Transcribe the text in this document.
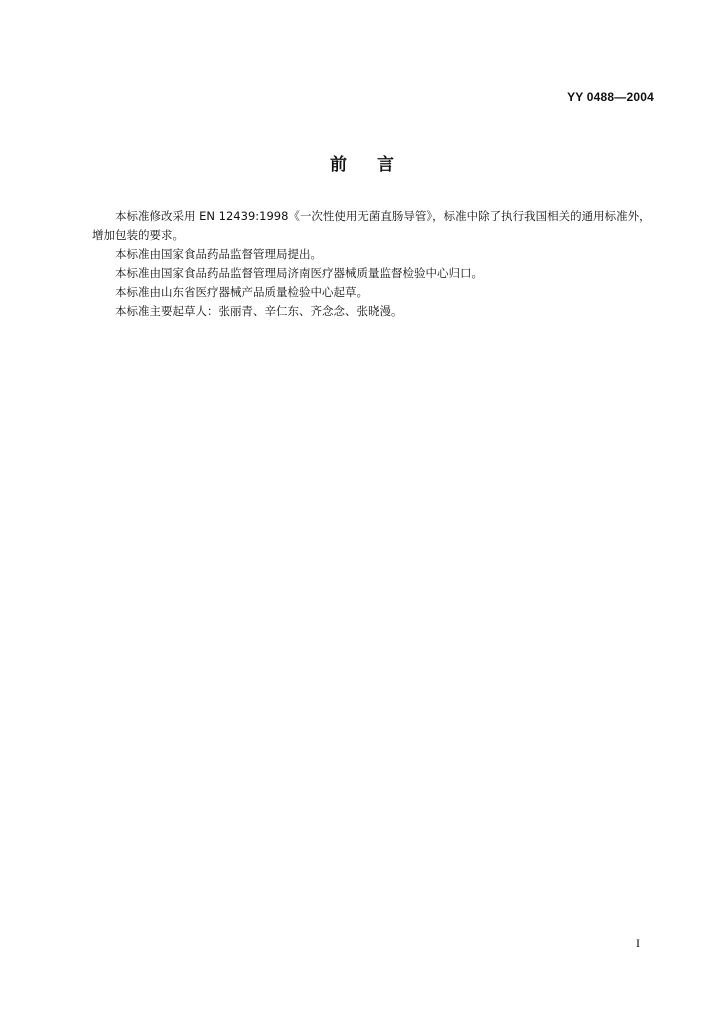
YY 0488—2004
前 言

本标准修改采用 EN 12439:1998《一次性使用无菌直肠导管》，标准中除了执行我国相关的通用标准外，增加包装的要求。

本标准由国家食品药品监督管理局提出。

本标准由国家食品药品监督管理局济南医疗器械质量监督检验中心归口。

本标准由山东省医疗器械产品质量检验中心起草。

本标准主要起草人：张丽青、辛仁东、齐念念、张晓漫。

I
